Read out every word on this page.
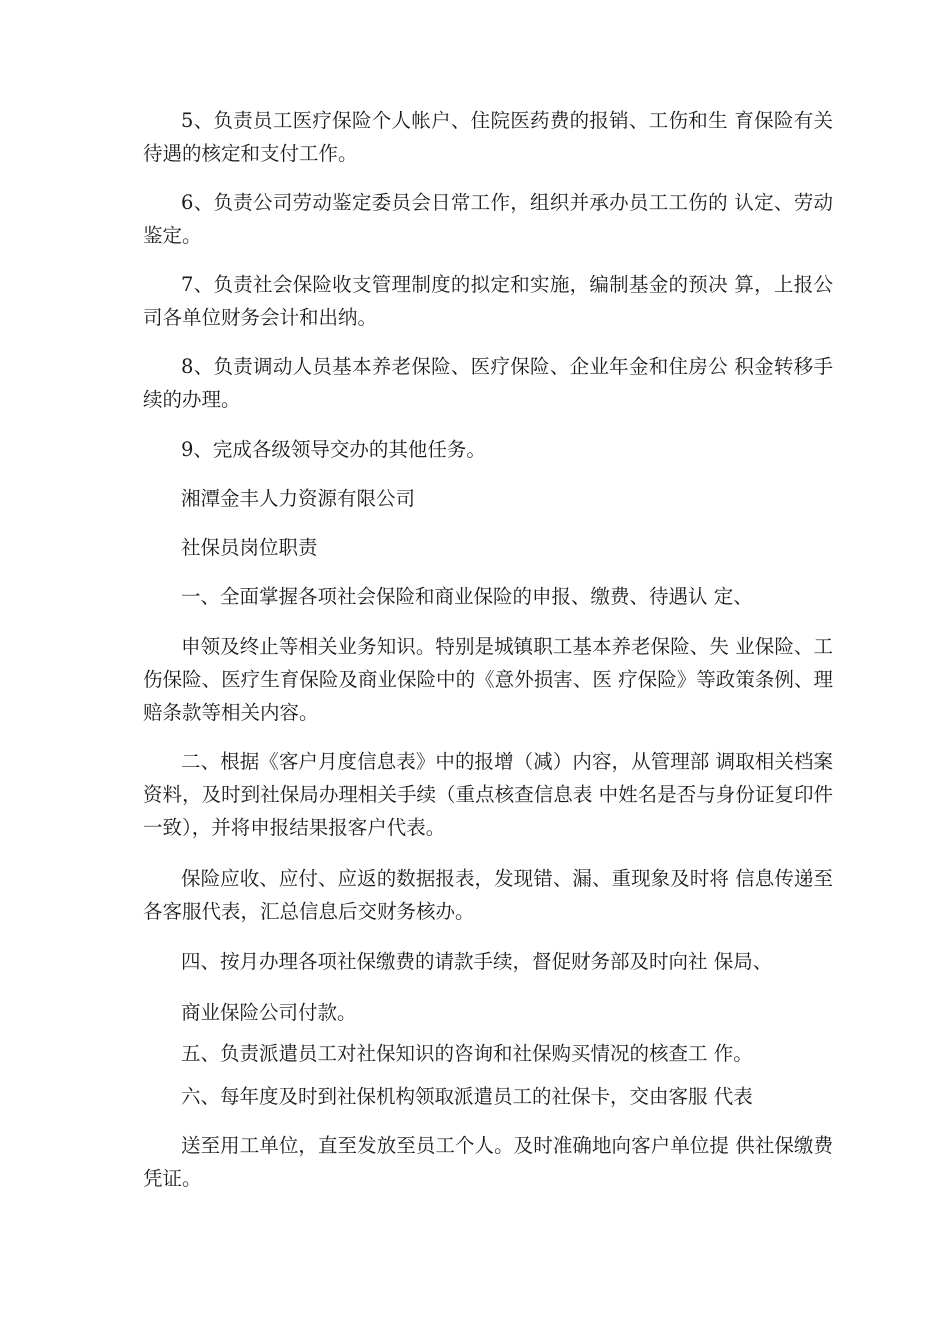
5、负责员工医疗保险个人帐户、住院医药费的报销、工伤和生 育保险有关待遇的核定和支付工作。

6、负责公司劳动鉴定委员会日常工作，组织并承办员工工伤的 认定、劳动鉴定。

7、负责社会保险收支管理制度的拟定和实施，编制基金的预决 算，上报公司各单位财务会计和出纳。

8、负责调动人员基本养老保险、医疗保险、企业年金和住房公 积金转移手续的办理。

9、完成各级领导交办的其他任务。

湘潭金丰人力资源有限公司

社保员岗位职责

一、全面掌握各项社会保险和商业保险的申报、缴费、待遇认 定、

申领及终止等相关业务知识。特别是城镇职工基本养老保险、失 业保险、工伤保险、医疗生育保险及商业保险中的《意外损害、医 疗保险》等政策条例、理赔条款等相关内容。

二、根据《客户月度信息表》中的报增（减）内容，从管理部 调取相关档案资料，及时到社保局办理相关手续（重点核查信息表 中姓名是否与身份证复印件一致），并将申报结果报客户代表。

保险应收、应付、应返的数据报表，发现错、漏、重现象及时将 信息传递至各客服代表，汇总信息后交财务核办。

四、按月办理各项社保缴费的请款手续，督促财务部及时向社 保局、

商业保险公司付款。

五、负责派遣员工对社保知识的咨询和社保购买情况的核查工 作。

六、每年度及时到社保机构领取派遣员工的社保卡，交由客服 代表

送至用工单位，直至发放至员工个人。及时准确地向客户单位提 供社保缴费凭证。
